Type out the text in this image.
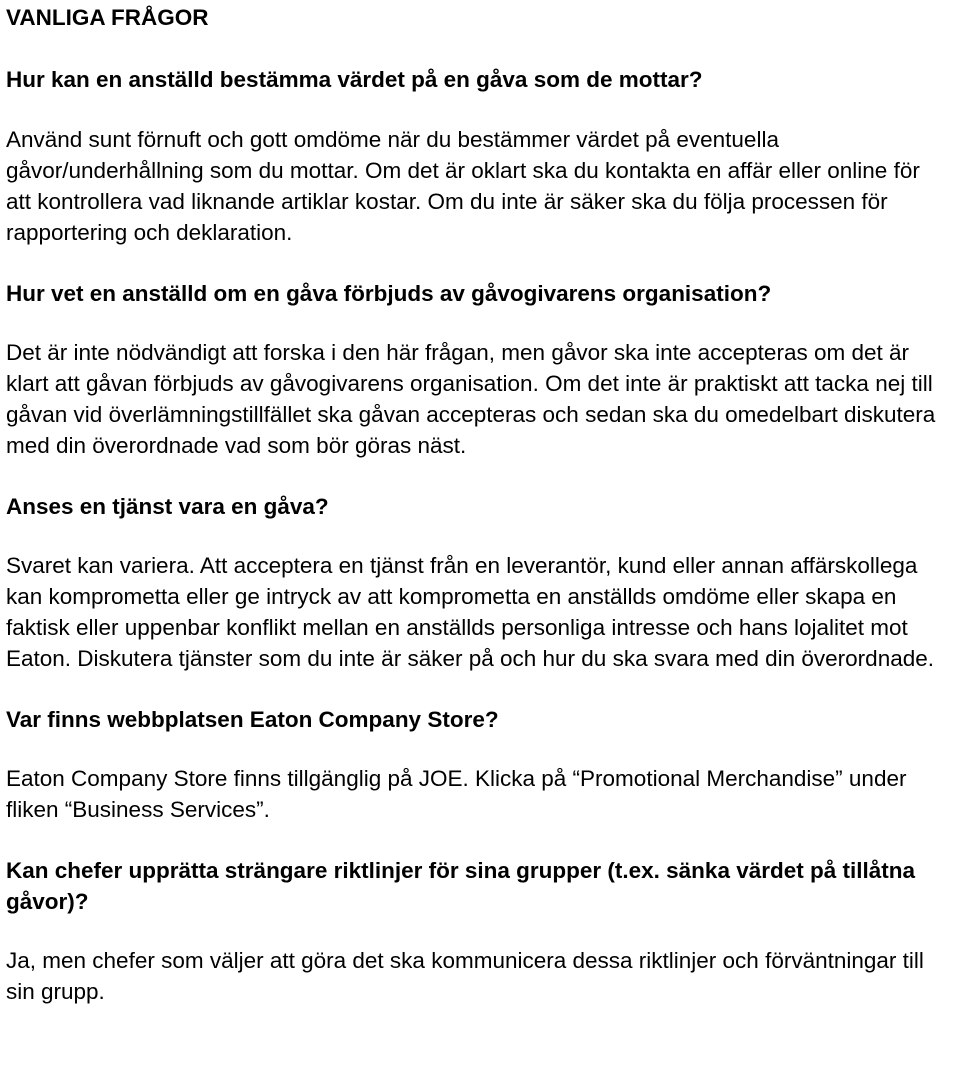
VANLIGA FRÅGOR
Hur kan en anställd bestämma värdet på en gåva som de mottar?

Använd sunt förnuft och gott omdöme när du bestämmer värdet på eventuella gåvor/underhållning som du mottar. Om det är oklart ska du kontakta en affär eller online för att kontrollera vad liknande artiklar kostar. Om du inte är säker ska du följa processen för rapportering och deklaration.

Hur vet en anställd om en gåva förbjuds av gåvogivarens organisation?

Det är inte nödvändigt att forska i den här frågan, men gåvor ska inte accepteras om det är klart att gåvan förbjuds av gåvogivarens organisation. Om det inte är praktiskt att tacka nej till gåvan vid överlämningstillfället ska gåvan accepteras och sedan ska du omedelbart diskutera med din överordnade vad som bör göras näst.

Anses en tjänst vara en gåva?

Svaret kan variera. Att acceptera en tjänst från en leverantör, kund eller annan affärskollega kan komprometta eller ge intryck av att komprometta en anställds omdöme eller skapa en faktisk eller uppenbar konflikt mellan en anställds personliga intresse och hans lojalitet mot Eaton. Diskutera tjänster som du inte är säker på och hur du ska svara med din överordnade.

Var finns webbplatsen Eaton Company Store?

Eaton Company Store finns tillgänglig på JOE. Klicka på “Promotional Merchandise” under fliken “Business Services”.

Kan chefer upprätta strängare riktlinjer för sina grupper (t.ex. sänka värdet på tillåtna gåvor)?

Ja, men chefer som väljer att göra det ska kommunicera dessa riktlinjer och förväntningar till sin grupp.
